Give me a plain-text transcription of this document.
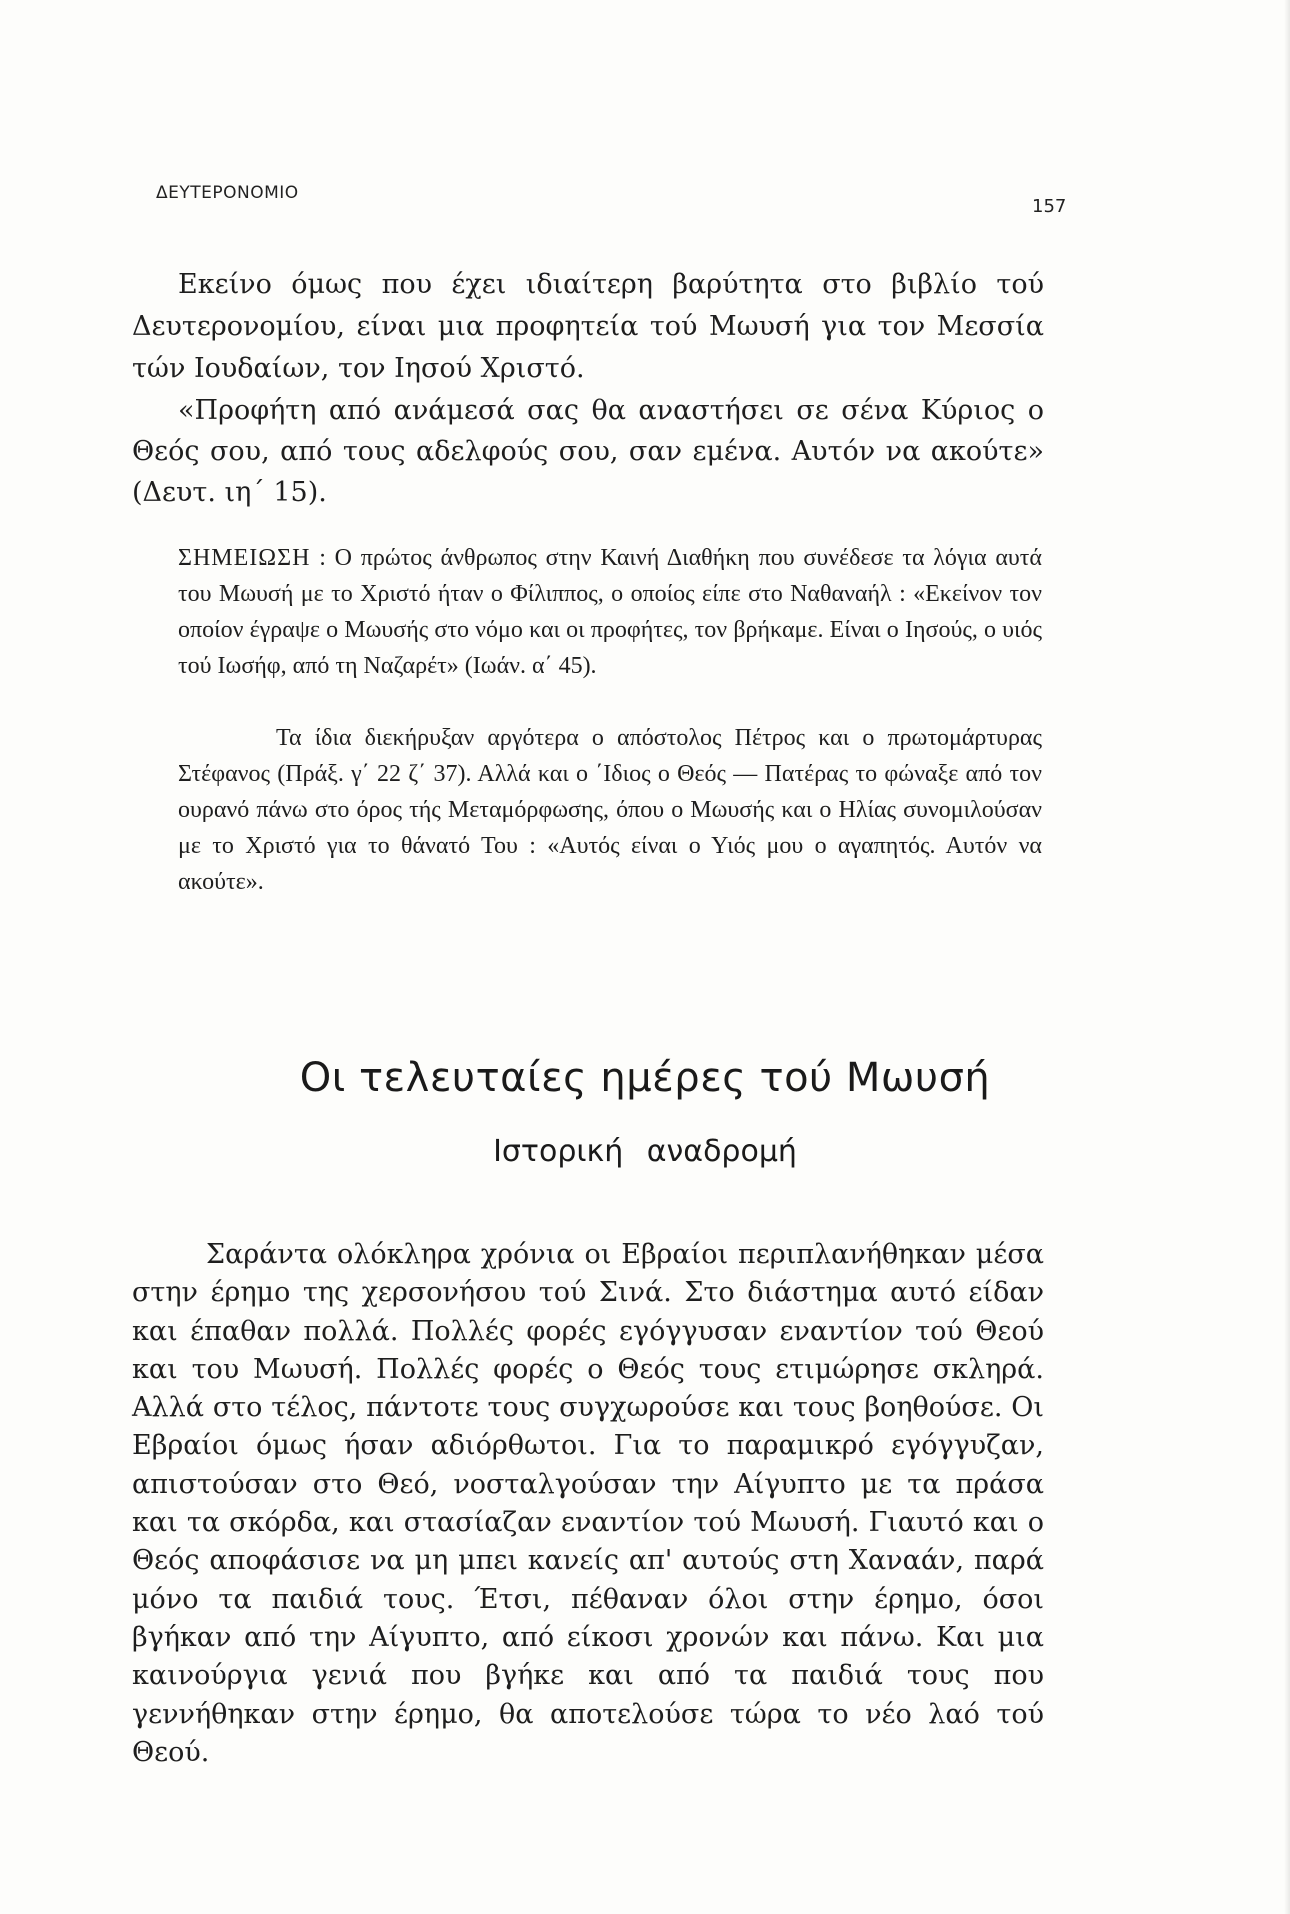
ΔΕΥΤΕΡΟΝΟΜΙΟ
157

Εκείνο όμως που έχει ιδιαίτερη βαρύτητα στο βιβλίο τού Δευτερονομίου, είναι μια προφητεία τού Μωυσή για τον Μεσσία τών Ιουδαίων, τον Ιησού Χριστό.

«Προφήτη από ανάμεσά σας θα αναστήσει σε σένα Κύριος ο Θεός σου, από τους αδελφούς σου, σαν εμένα. Αυτόν να ακούτε» (Δευτ. ιη΄ 15).

ΣΗΜΕΙΩΣΗ : Ο πρώτος άνθρωπος στην Καινή Διαθήκη που συνέδεσε τα λόγια αυτά του Μωυσή με το Χριστό ήταν ο Φίλιππος, ο οποίος είπε στο Ναθαναήλ : «Εκείνον τον οποίον έγραψε ο Μωυσής στο νόμο και οι προφήτες, τον βρήκαμε. Είναι ο Ιησούς, ο υιός τού Ιωσήφ, από τη Ναζαρέτ» (Ιωάν. α΄ 45).

Τα ίδια διεκήρυξαν αργότερα ο απόστολος Πέτρος και ο πρωτομάρτυρας Στέφανος (Πράξ. γ΄ 22 ζ΄ 37). Αλλά και ο ΄Ιδιος ο Θεός — Πατέρας το φώναξε από τον ουρανό πάνω στο όρος τής Μεταμόρφωσης, όπου ο Μωυσής και ο Ηλίας συνομιλούσαν με το Χριστό για το θάνατό Του : «Αυτός είναι ο Υιός μου ο αγαπητός. Αυτόν να ακούτε».

Οι τελευταίες ημέρες τού Μωυσή
Ιστορική αναδρομή

Σαράντα ολόκληρα χρόνια οι Εβραίοι περιπλανήθηκαν μέσα στην έρημο της χερσονήσου τού Σινά. Στο διάστημα αυτό είδαν και έπαθαν πολλά. Πολλές φορές εγόγγυσαν εναντίον τού Θεού και του Μωυσή. Πολλές φορές ο Θεός τους ετιμώρησε σκληρά. Αλλά στο τέλος, πάντοτε τους συγχωρούσε και τους βοηθούσε. Οι Εβραίοι όμως ήσαν αδιόρθωτοι. Για το παραμικρό εγόγγυζαν, απιστούσαν στο Θεό, νοσταλγούσαν την Αίγυπτο με τα πράσα και τα σκόρδα, και στασίαζαν εναντίον τού Μωυσή. Γιαυτό και ο Θεός αποφάσισε να μη μπει κανείς απ' αυτούς στη Χαναάν, παρά μόνο τα παιδιά τους. Έτσι, πέθαναν όλοι στην έρημο, όσοι βγήκαν από την Αίγυπτο, από είκοσι χρονών και πάνω. Και μια καινούργια γενιά που βγήκε και από τα παιδιά τους που γεννήθηκαν στην έρημο, θα αποτελούσε τώρα το νέο λαό τού Θεού.
